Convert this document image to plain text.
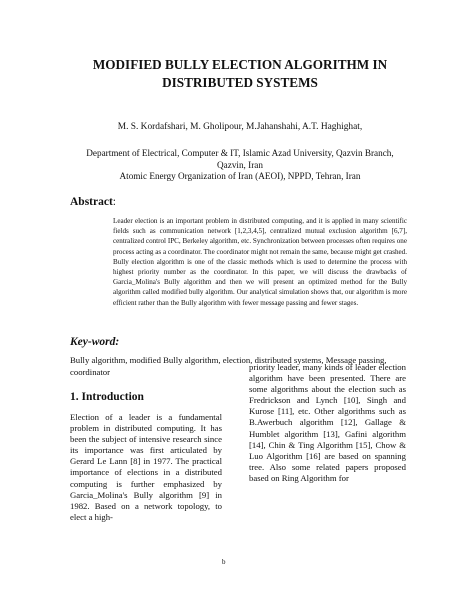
MODIFIED BULLY ELECTION ALGORITHM IN
DISTRIBUTED SYSTEMS
M. S. Kordafshari, M. Gholipour, M.Jahanshahi, A.T. Haghighat,
Department of Electrical, Computer & IT, Islamic Azad University, Qazvin Branch,
Qazvin, Iran
Atomic Energy Organization of Iran (AEOI), NPPD, Tehran, Iran
Abstract:
Leader election is an important problem in distributed computing, and it is applied in many scientific fields such as communication network [1,2,3,4,5], centralized mutual exclusion algorithm [6,7], centralized control IPC, Berkeley algorithm, etc. Synchronization between processes often requires one process acting as a coordinator. The coordinator might not remain the same, because might get crashed. Bully election algorithm is one of the classic methods which is used to determine the process with highest priority number as the coordinator. In this paper, we will discuss the drawbacks of Garcia_Molina's Bully algorithm and then we will present an optimized method for the Bully algorithm called modified bully algorithm. Our analytical simulation shows that, our algorithm is more efficient rather than the Bully algorithm with fewer message passing and fewer stages.
Key-word:
Bully algorithm, modified Bully algorithm, election, distributed systems, Message passing, coordinator
1. Introduction
Election of a leader is a fundamental problem in distributed computing. It has been the subject of intensive research since its importance was first articulated by Gerard Le Lann [8] in 1977. The practical importance of elections in a distributed computing is further emphasized by Garcia_Molina's Bully algorithm [9] in 1982. Based on a network topology, to elect a high-
priority leader, many kinds of leader election algorithm have been presented. There are some algorithms about the election such as Fredrickson and Lynch [10], Singh and Kurose [11], etc. Other algorithms such as B.Awerbuch algorithm [12], Gallage & Humblet algorithm [13], Gafini algorithm [14], Chin & Ting Algorithm [15], Chow & Luo Algorithm [16] are based on spanning tree. Also some related papers proposed based on Ring Algorithm for
b
